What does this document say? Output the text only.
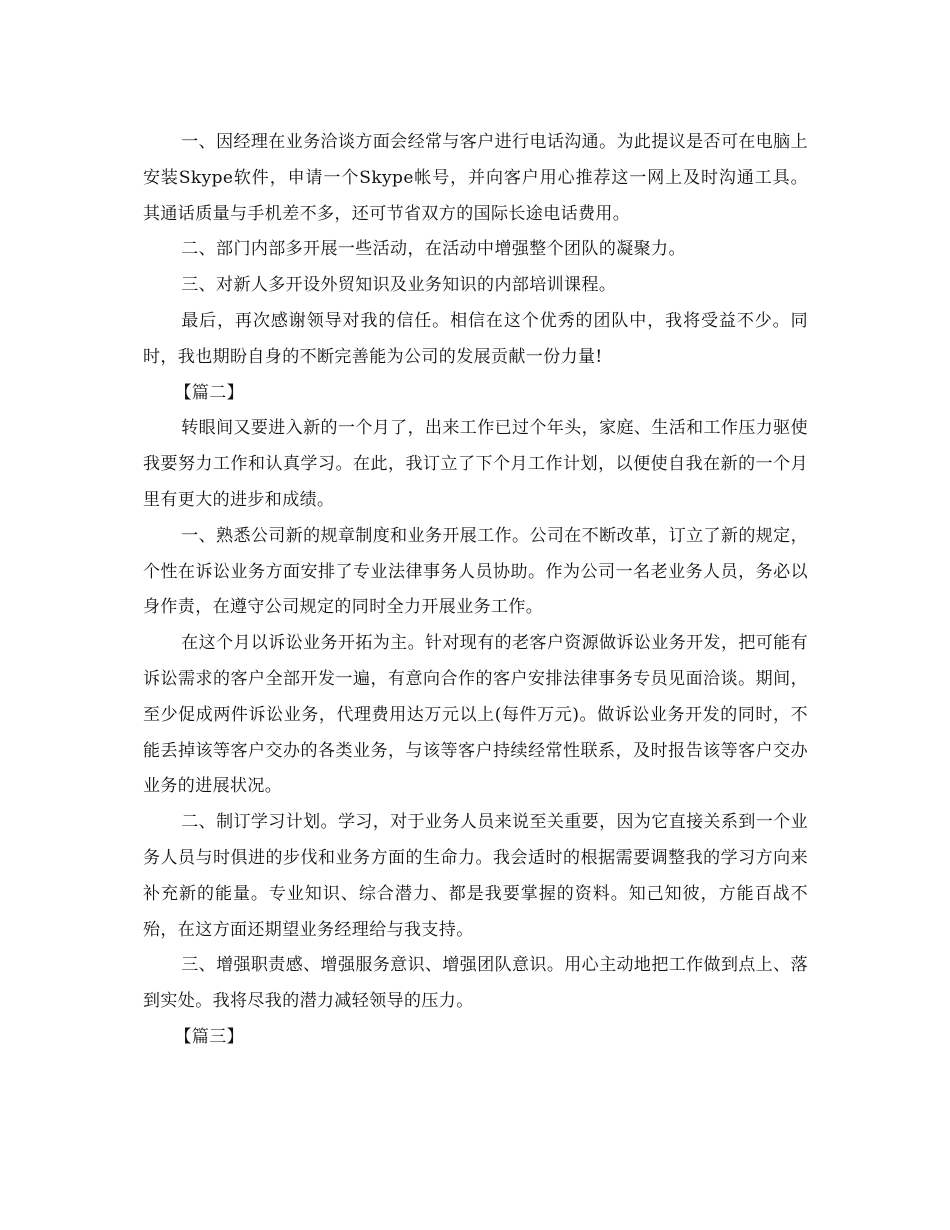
一、因经理在业务洽谈方面会经常与客户进行电话沟通。为此提议是否可在电脑上安装Skype软件，申请一个Skype帐号，并向客户用心推荐这一网上及时沟通工具。其通话质量与手机差不多，还可节省双方的国际长途电话费用。

二、部门内部多开展一些活动，在活动中增强整个团队的凝聚力。

三、对新人多开设外贸知识及业务知识的内部培训课程。

最后，再次感谢领导对我的信任。相信在这个优秀的团队中，我将受益不少。同时，我也期盼自身的不断完善能为公司的发展贡献一份力量!

【篇二】

转眼间又要进入新的一个月了，出来工作已过个年头，家庭、生活和工作压力驱使我要努力工作和认真学习。在此，我订立了下个月工作计划，以便使自我在新的一个月里有更大的进步和成绩。

一、熟悉公司新的规章制度和业务开展工作。公司在不断改革，订立了新的规定，个性在诉讼业务方面安排了专业法律事务人员协助。作为公司一名老业务人员，务必以身作责，在遵守公司规定的同时全力开展业务工作。

在这个月以诉讼业务开拓为主。针对现有的老客户资源做诉讼业务开发，把可能有诉讼需求的客户全部开发一遍，有意向合作的客户安排法律事务专员见面洽谈。期间，至少促成两件诉讼业务，代理费用达万元以上(每件万元)。做诉讼业务开发的同时，不能丢掉该等客户交办的各类业务，与该等客户持续经常性联系，及时报告该等客户交办业务的进展状况。

二、制订学习计划。学习，对于业务人员来说至关重要，因为它直接关系到一个业务人员与时俱进的步伐和业务方面的生命力。我会适时的根据需要调整我的学习方向来补充新的能量。专业知识、综合潜力、都是我要掌握的资料。知己知彼，方能百战不殆，在这方面还期望业务经理给与我支持。

三、增强职责感、增强服务意识、增强团队意识。用心主动地把工作做到点上、落到实处。我将尽我的潜力减轻领导的压力。

【篇三】
